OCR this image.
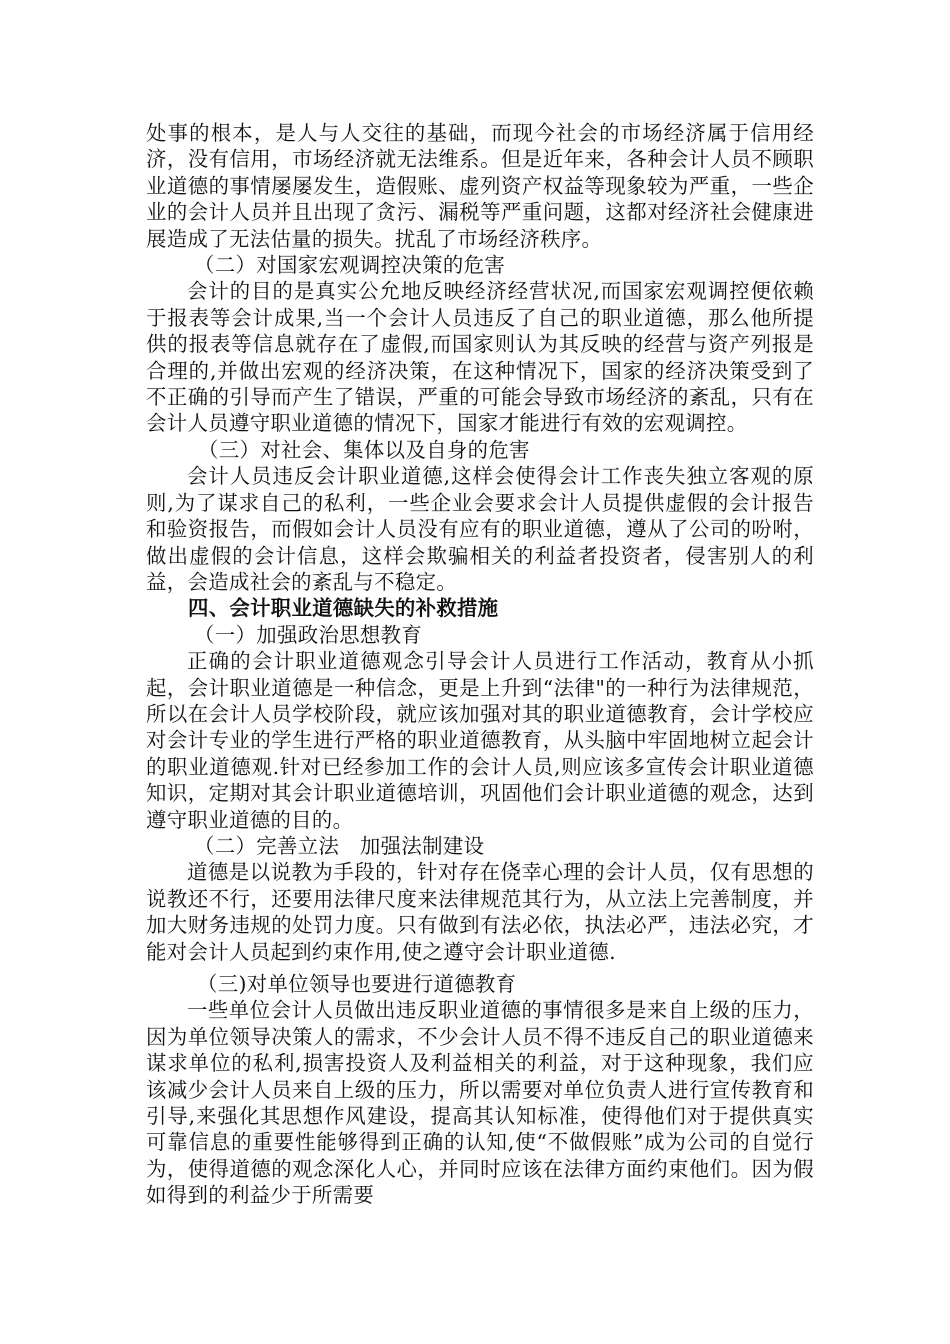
处事的根本，是人与人交往的基础，而现今社会的市场经济属于信用经济，没有信用，市场经济就无法维系。但是近年来，各种会计人员不顾职业道德的事情屡屡发生，造假账、虚列资产权益等现象较为严重，一些企业的会计人员并且出现了贪污、漏税等严重问题，这都对经济社会健康进展造成了无法估量的损失。扰乱了市场经济秩序。

（二）对国家宏观调控决策的危害

会计的目的是真实公允地反映经济经营状况,而国家宏观调控便依赖于报表等会计成果,当一个会计人员违反了自己的职业道德，那么他所提供的报表等信息就存在了虚假,而国家则认为其反映的经营与资产列报是合理的,并做出宏观的经济决策，在这种情况下，国家的经济决策受到了不正确的引导而产生了错误，严重的可能会导致市场经济的紊乱，只有在会计人员遵守职业道德的情况下，国家才能进行有效的宏观调控。

（三）对社会、集体以及自身的危害

会计人员违反会计职业道德,这样会使得会计工作丧失独立客观的原则,为了谋求自己的私利，一些企业会要求会计人员提供虚假的会计报告和验资报告，而假如会计人员没有应有的职业道德，遵从了公司的吩咐，做出虚假的会计信息，这样会欺骗相关的利益者投资者，侵害别人的利益，会造成社会的紊乱与不稳定。

四、会计职业道德缺失的补救措施

（一）加强政治思想教育

正确的会计职业道德观念引导会计人员进行工作活动，教育从小抓起，会计职业道德是一种信念，更是上升到“法律"的一种行为法律规范，所以在会计人员学校阶段，就应该加强对其的职业道德教育，会计学校应对会计专业的学生进行严格的职业道德教育，从头脑中牢固地树立起会计的职业道德观.针对已经参加工作的会计人员,则应该多宣传会计职业道德知识，定期对其会计职业道德培训，巩固他们会计职业道德的观念，达到遵守职业道德的目的。

（二）完善立法　加强法制建设

道德是以说教为手段的，针对存在侥幸心理的会计人员，仅有思想的说教还不行，还要用法律尺度来法律规范其行为，从立法上完善制度，并加大财务违规的处罚力度。只有做到有法必依，执法必严，违法必究，才能对会计人员起到约束作用,使之遵守会计职业道德.

（三)对单位领导也要进行道德教育

一些单位会计人员做出违反职业道德的事情很多是来自上级的压力，因为单位领导决策人的需求，不少会计人员不得不违反自己的职业道德来谋求单位的私利,损害投资人及利益相关的利益，对于这种现象，我们应该减少会计人员来自上级的压力，所以需要对单位负责人进行宣传教育和引导,来强化其思想作风建设，提高其认知标准，使得他们对于提供真实可靠信息的重要性能够得到正确的认知,使“不做假账”成为公司的自觉行为，使得道德的观念深化人心，并同时应该在法律方面约束他们。因为假如得到的利益少于所需要
